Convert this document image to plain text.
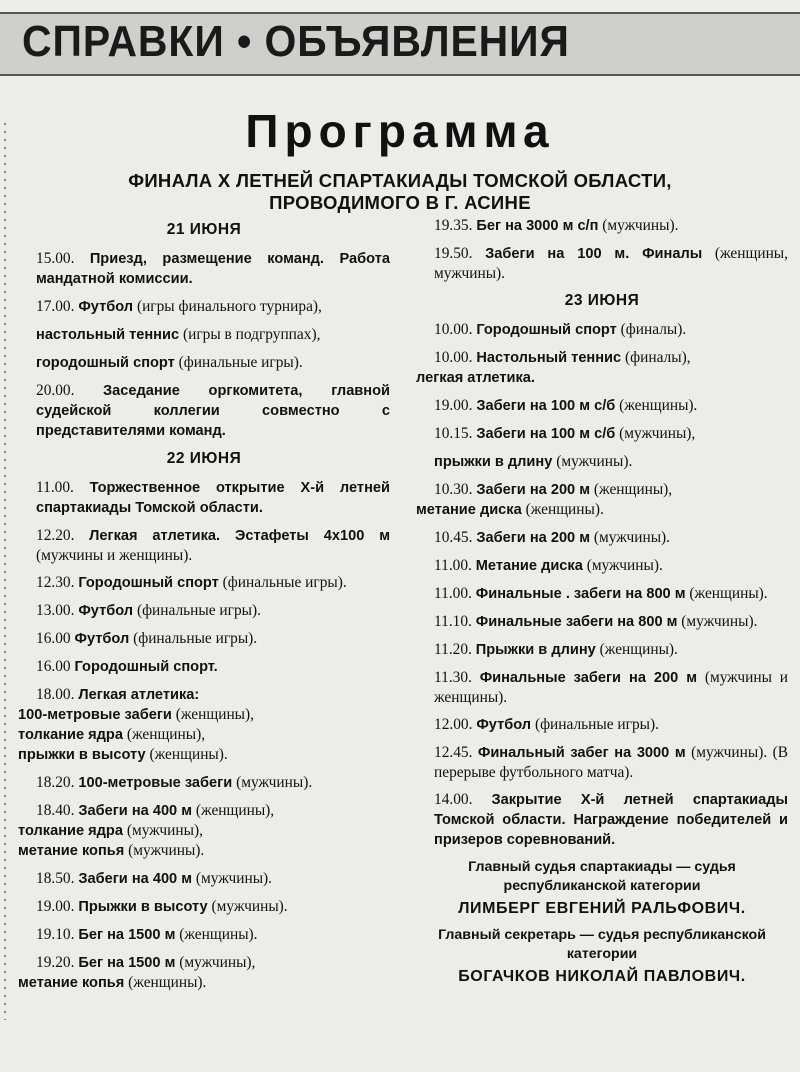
СПРАВКИ • ОБЪЯВЛЕНИЯ
Программа
ФИНАЛА X ЛЕТНЕЙ СПАРТАКИАДЫ ТОМСКОЙ ОБЛАСТИ,
ПРОВОДИМОГО В Г. АСИНЕ
21 ИЮНЯ
15.00. Приезд, размещение команд. Работа мандатной комиссии.
17.00. Футбол (игры финального турнира),
настольный теннис (игры в подгруппах),
городошный спорт (финальные игры).
20.00. Заседание оргкомитета, главной судейской коллегии совместно с представителями команд.
22 ИЮНЯ
11.00. Торжественное открытие X-й летней спартакиады Томской области.
12.20. Легкая атлетика. Эстафеты 4х100 м (мужчины и женщины).
12.30. Городошный спорт (финальные игры).
13.00. Футбол (финальные игры).
16.00 Футбол (финальные игры).
16.00 Городошный спорт.
18.00. Легкая атлетика:
100-метровые забеги (женщины),
толкание ядра (женщины),
прыжки в высоту (женщины).
18.20. 100-метровые забеги (мужчины).
18.40. Забеги на 400 м (женщины),
толкание ядра (мужчины),
метание копья (мужчины).
18.50. Забеги на 400 м (мужчины).
19.00. Прыжки в высоту (мужчины).
19.10. Бег на 1500 м (женщины).
19.20. Бег на 1500 м (мужчины),
метание копья (женщины).
19.35. Бег на 3000 м с/п (мужчины).
19.50. Забеги на 100 м. Финалы (женщины, мужчины).
23 ИЮНЯ
10.00. Городошный спорт (финалы).
10.00. Настольный теннис (финалы),
легкая атлетика.
19.00. Забеги на 100 м с/б (женщины).
10.15. Забеги на 100 м с/б (мужчины),
прыжки в длину (мужчины).
10.30. Забеги на 200 м (женщины),
метание диска (женщины).
10.45. Забеги на 200 м (мужчины).
11.00. Метание диска (мужчины).
11.00. Финальные . забеги на 800 м (женщины).
11.10. Финальные забеги на 800 м (мужчины).
11.20. Прыжки в длину (женщины).
11.30. Финальные забеги на 200 м (мужчины и женщины).
12.00. Футбол (финальные игры).
12.45. Финальный забег на 3000 м (мужчины). (В перерыве футбольного матча).
14.00. Закрытие X-й летней спартакиады Томской области. Награждение победителей и призеров соревнований.
Главный судья спартакиады — судья республиканской категории
ЛИМБЕРГ ЕВГЕНИЙ РАЛЬФОВИЧ.
Главный секретарь — судья республиканской категории
БОГАЧКОВ НИКОЛАЙ ПАВЛОВИЧ.
